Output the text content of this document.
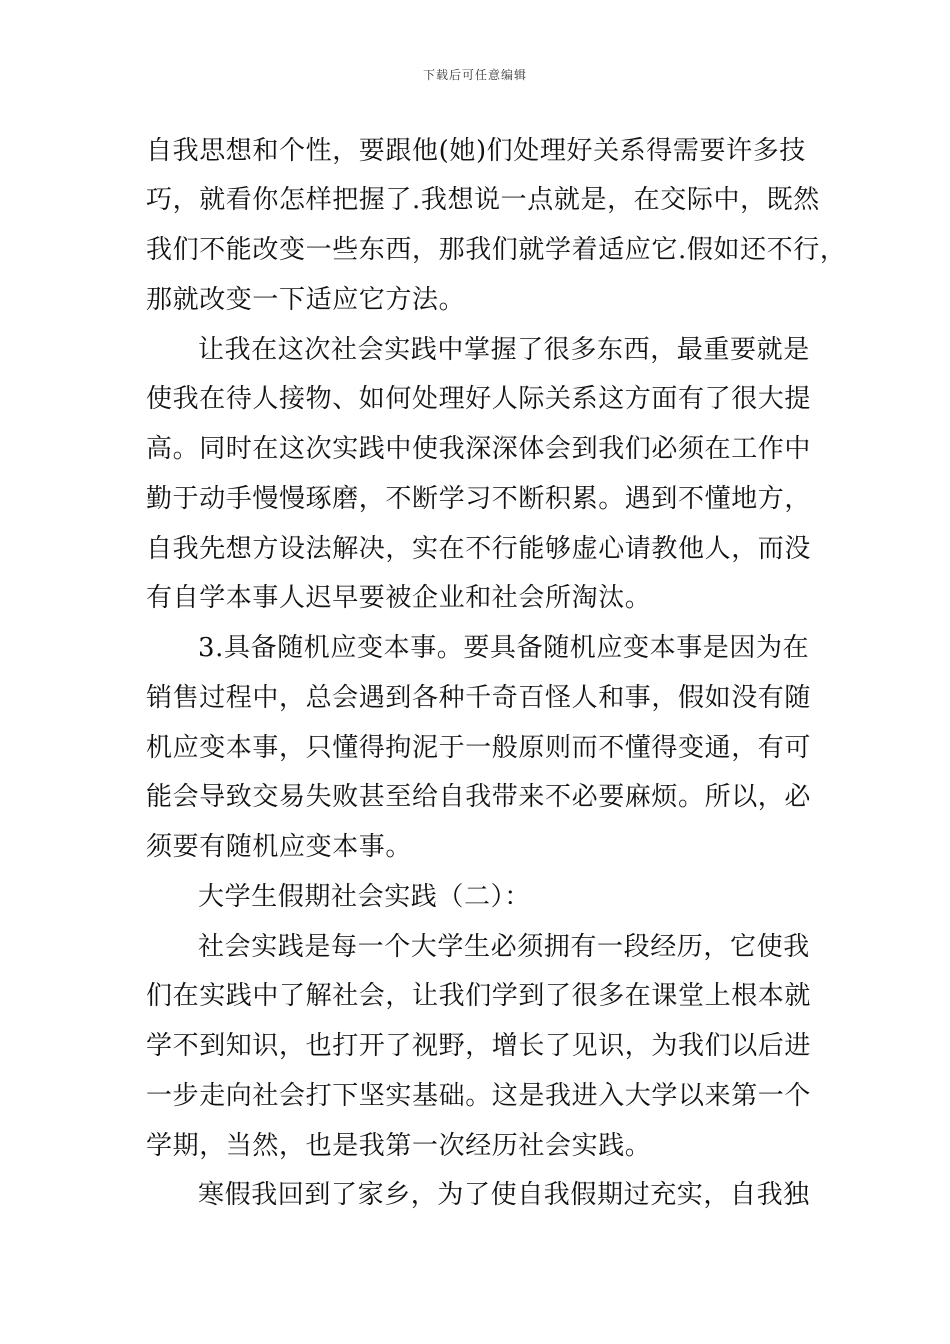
下载后可任意编辑

自我思想和个性，要跟他(她)们处理好关系得需要许多技

巧，就看你怎样把握了.我想说一点就是，在交际中，既然

我们不能改变一些东西，那我们就学着适应它.假如还不行，

那就改变一下适应它方法。

让我在这次社会实践中掌握了很多东西，最重要就是

使我在待人接物、如何处理好人际关系这方面有了很大提

高。同时在这次实践中使我深深体会到我们必须在工作中

勤于动手慢慢琢磨，不断学习不断积累。遇到不懂地方，

自我先想方设法解决，实在不行能够虚心请教他人，而没

有自学本事人迟早要被企业和社会所淘汰。

3.具备随机应变本事。要具备随机应变本事是因为在

销售过程中，总会遇到各种千奇百怪人和事，假如没有随

机应变本事，只懂得拘泥于一般原则而不懂得变通，有可

能会导致交易失败甚至给自我带来不必要麻烦。所以，必

须要有随机应变本事。

大学生假期社会实践（二）：

社会实践是每一个大学生必须拥有一段经历，它使我

们在实践中了解社会，让我们学到了很多在课堂上根本就

学不到知识，也打开了视野，增长了见识，为我们以后进

一步走向社会打下坚实基础。这是我进入大学以来第一个

学期，当然，也是我第一次经历社会实践。

寒假我回到了家乡，为了使自我假期过充实，自我独
